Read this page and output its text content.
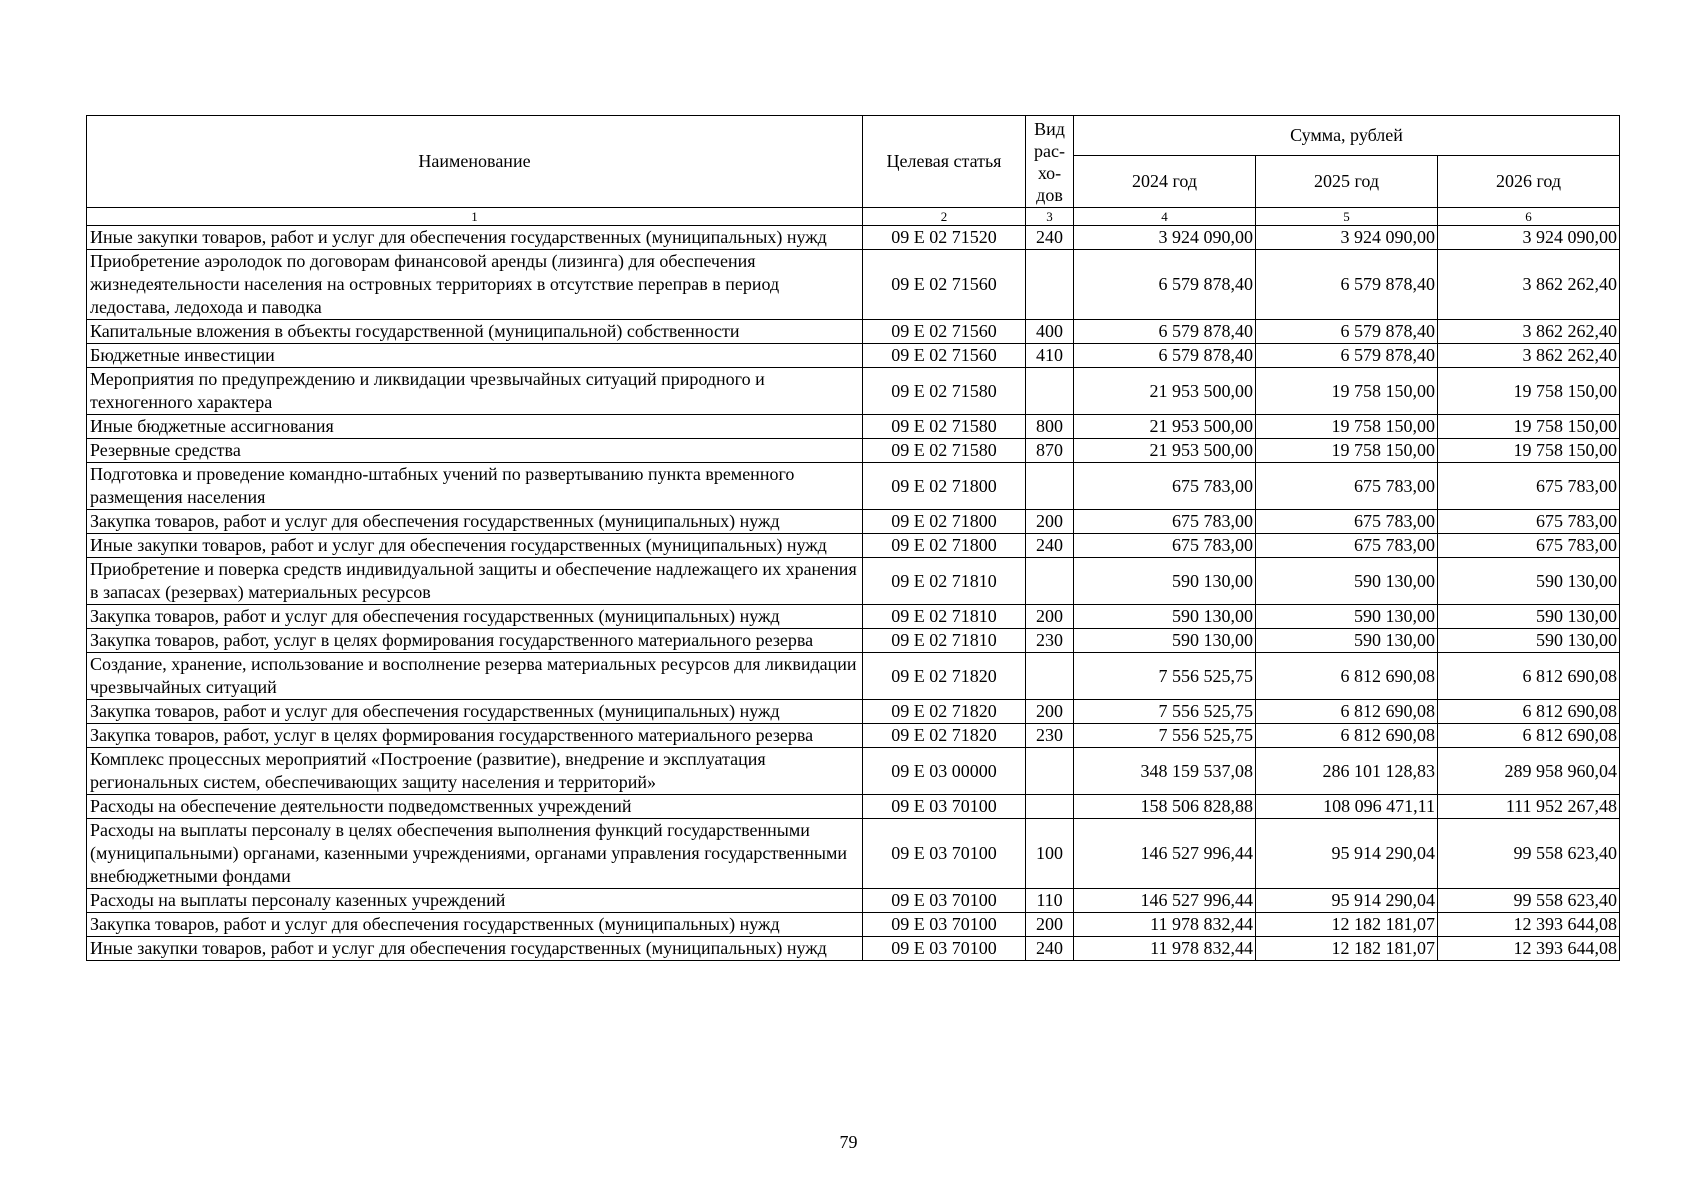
Наименование	Целевая статья	Вид рас-хо-дов	Сумма, рублей		
			2024 год	2025 год	2026 год
1	2	3	4	5	6
Иные закупки товаров, работ и услуг для обеспечения государственных (муниципальных) нужд	09 Е 02 71520	240	3 924 090,00	3 924 090,00	3 924 090,00
Приобретение аэролодок по договорам финансовой аренды (лизинга) для обеспечения жизнедеятельности населения на островных территориях в отсутствие переправ в период ледостава, ледохода и паводка	09 Е 02 71560		6 579 878,40	6 579 878,40	3 862 262,40
Капитальные вложения в объекты государственной (муниципальной) собственности	09 Е 02 71560	400	6 579 878,40	6 579 878,40	3 862 262,40
Бюджетные инвестиции	09 Е 02 71560	410	6 579 878,40	6 579 878,40	3 862 262,40
Мероприятия по предупреждению и ликвидации чрезвычайных ситуаций природного и техногенного характера	09 Е 02 71580		21 953 500,00	19 758 150,00	19 758 150,00
Иные бюджетные ассигнования	09 Е 02 71580	800	21 953 500,00	19 758 150,00	19 758 150,00
Резервные средства	09 Е 02 71580	870	21 953 500,00	19 758 150,00	19 758 150,00
Подготовка и проведение командно-штабных учений по развертыванию пункта временного размещения населения	09 Е 02 71800		675 783,00	675 783,00	675 783,00
Закупка товаров, работ и услуг для обеспечения государственных (муниципальных) нужд	09 Е 02 71800	200	675 783,00	675 783,00	675 783,00
Иные закупки товаров, работ и услуг для обеспечения государственных (муниципальных) нужд	09 Е 02 71800	240	675 783,00	675 783,00	675 783,00
Приобретение и поверка средств индивидуальной защиты и обеспечение надлежащего их хранения в запасах (резервах) материальных ресурсов	09 Е 02 71810		590 130,00	590 130,00	590 130,00
Закупка товаров, работ и услуг для обеспечения государственных (муниципальных) нужд	09 Е 02 71810	200	590 130,00	590 130,00	590 130,00
Закупка товаров, работ, услуг в целях формирования государственного материального резерва	09 Е 02 71810	230	590 130,00	590 130,00	590 130,00
Создание, хранение, использование и восполнение резерва материальных ресурсов для ликвидации чрезвычайных ситуаций	09 Е 02 71820		7 556 525,75	6 812 690,08	6 812 690,08
Закупка товаров, работ и услуг для обеспечения государственных (муниципальных) нужд	09 Е 02 71820	200	7 556 525,75	6 812 690,08	6 812 690,08
Закупка товаров, работ, услуг в целях формирования государственного материального резерва	09 Е 02 71820	230	7 556 525,75	6 812 690,08	6 812 690,08
Комплекс процессных мероприятий «Построение (развитие), внедрение и эксплуатация региональных систем, обеспечивающих защиту населения и территорий»	09 Е 03 00000		348 159 537,08	286 101 128,83	289 958 960,04
Расходы на обеспечение деятельности подведомственных учреждений	09 Е 03 70100		158 506 828,88	108 096 471,11	111 952 267,48
Расходы на выплаты персоналу в целях обеспечения выполнения функций государственными (муниципальными) органами, казенными учреждениями, органами управления государственными внебюджетными фондами	09 Е 03 70100	100	146 527 996,44	95 914 290,04	99 558 623,40
Расходы на выплаты персоналу казенных учреждений	09 Е 03 70100	110	146 527 996,44	95 914 290,04	99 558 623,40
Закупка товаров, работ и услуг для обеспечения государственных (муниципальных) нужд	09 Е 03 70100	200	11 978 832,44	12 182 181,07	12 393 644,08
Иные закупки товаров, работ и услуг для обеспечения государственных (муниципальных) нужд	09 Е 03 70100	240	11 978 832,44	12 182 181,07	12 393 644,08
79
